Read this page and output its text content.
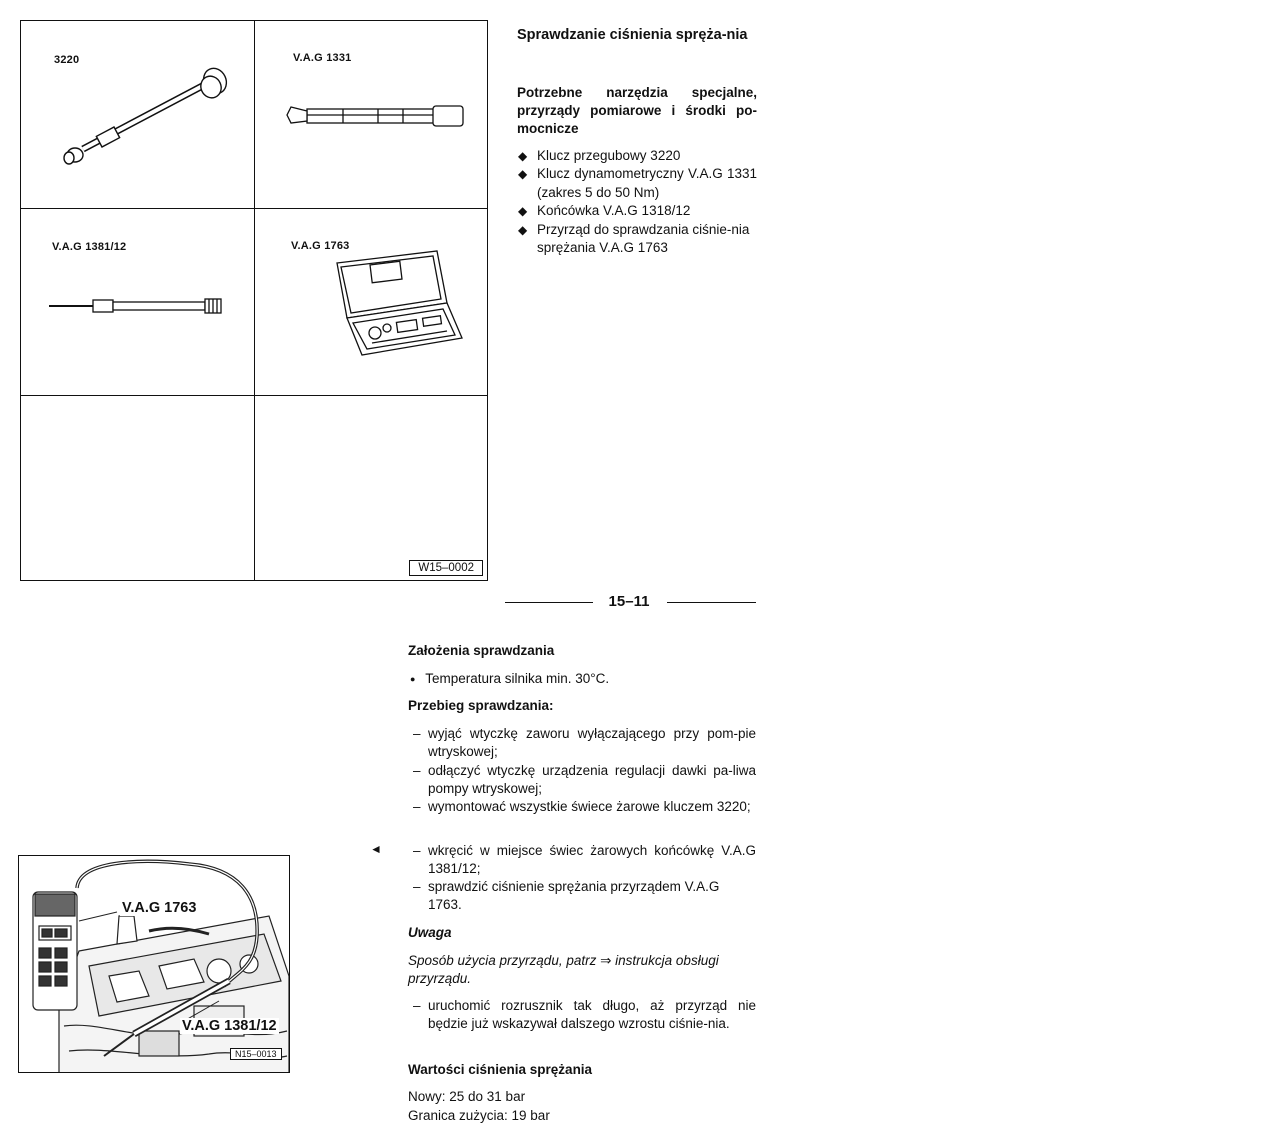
3220	V.A.G 1331
V.A.G 1381/12	V.A.G 1763
W15–0002
Sprawdzanie ciśnienia spręża-nia
Potrzebne narzędzia specjalne, przyrządy pomiarowe i środki po-mocnicze
◆ Klucz przegubowy 3220
◆ Klucz dynamometryczny V.A.G 1331 (zakres 5 do 50 Nm)
◆ Końcówka V.A.G 1318/12
◆ Przyrząd do sprawdzania ciśnie-nia sprężania V.A.G 1763
15–11
Założenia sprawdzania
● Temperatura silnika min. 30°C.
Przebieg sprawdzania:
– wyjąć wtyczkę zaworu wyłączającego przy pom-pie wtryskowej;
– odłączyć wtyczkę urządzenia regulacji dawki pa-liwa pompy wtryskowej;
– wymontować wszystkie świece żarowe kluczem 3220;
◄ – wkręcić w miejsce świec żarowych końcówkę V.A.G 1381/12;
– sprawdzić ciśnienie sprężania przyrządem V.A.G 1763.
Uwaga
Sposób użycia przyrządu, patrz ⇒ instrukcja obsługi przyrządu.
– uruchomić rozrusznik tak długo, aż przyrząd nie będzie już wskazywał dalszego wzrostu ciśnie-nia.
Wartości ciśnienia sprężania
Nowy: 25 do 31 bar
Granica zużycia: 19 bar
V.A.G 1763
V.A.G 1381/12
N15–0013
